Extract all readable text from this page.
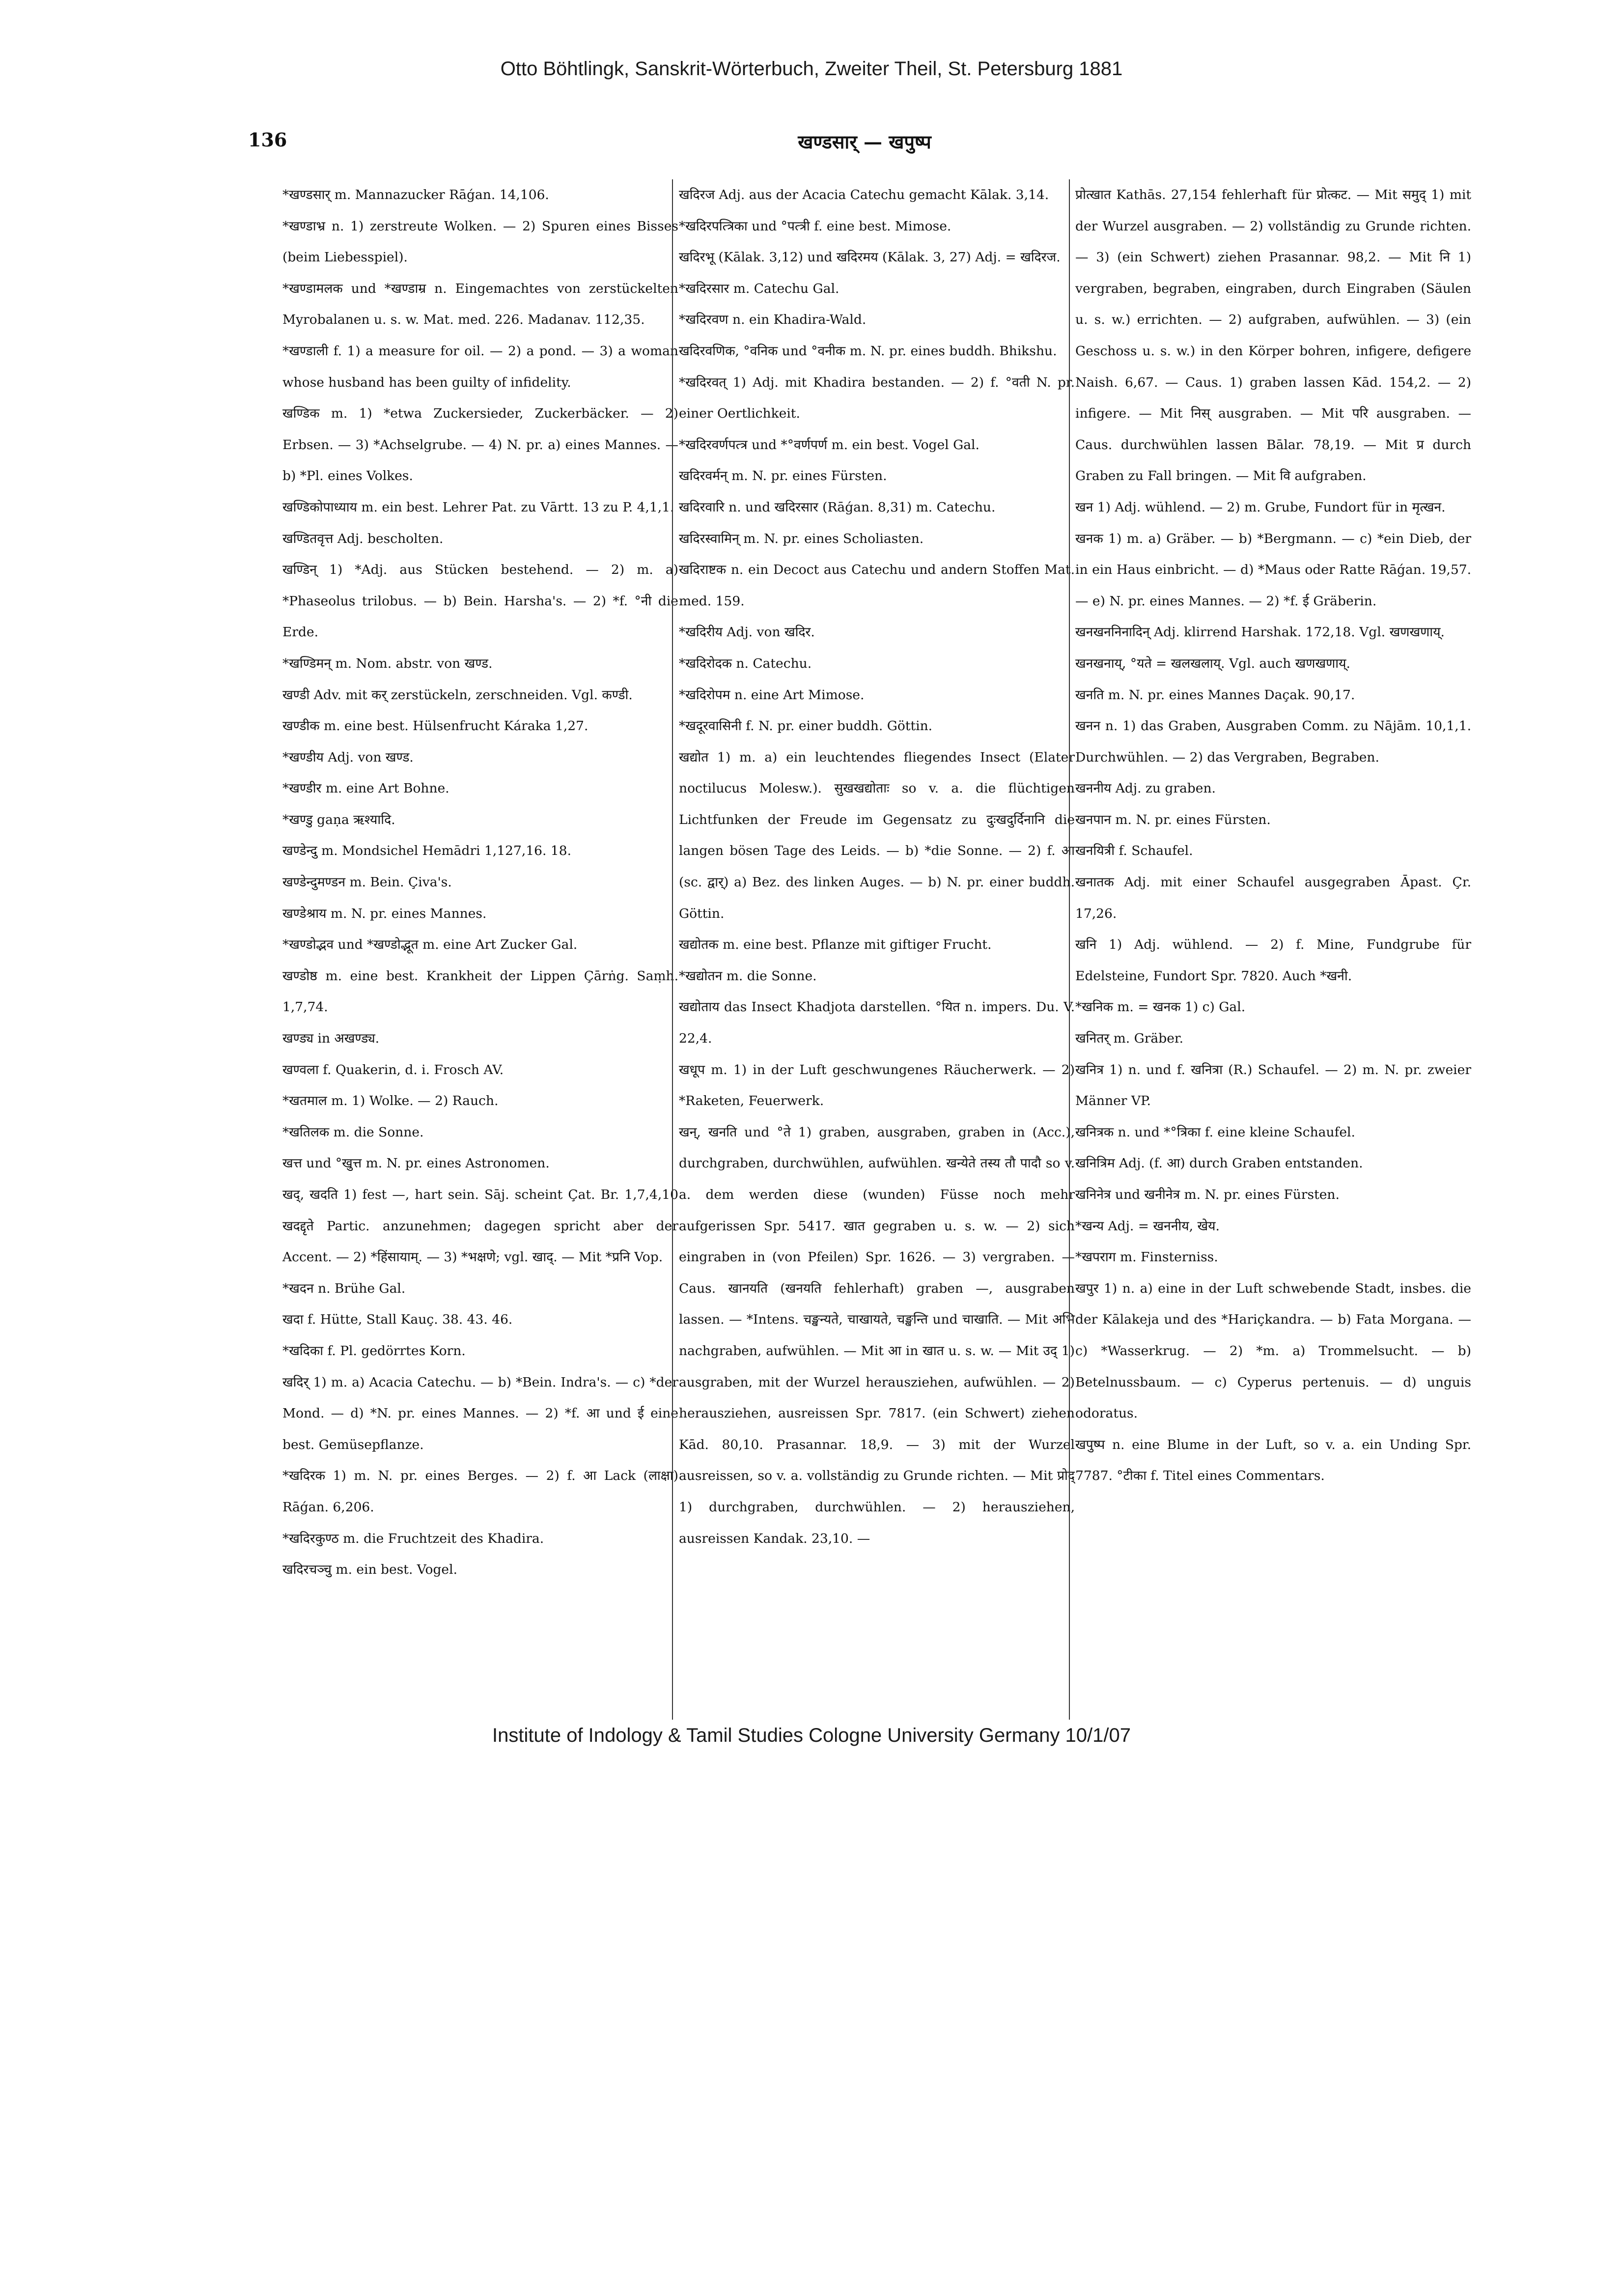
Otto Böhtlingk, Sanskrit-Wörterbuch, Zweiter Theil, St. Petersburg 1881
136	खण्डसार् — खपुष्प

*खण्डसार् m. Mannazucker Rāǵan. 14,106.

*खण्डाभ्र n. 1) zerstreute Wolken. — 2) Spuren eines Bisses (beim Liebesspiel).

*खण्डामलक und *खण्डाम्र n. Eingemachtes von zerstückelten Myrobalanen u. s. w. Mat. med. 226. Madanav. 112,35.

*खण्डाली f. 1) a measure for oil. — 2) a pond. — 3) a woman whose husband has been guilty of infidelity.

खण्डिक m. 1) *etwa Zuckersieder, Zuckerbäcker. — 2) Erbsen. — 3) *Achselgrube. — 4) N. pr. a) eines Mannes. — b) *Pl. eines Volkes.

खण्डिकोपाध्याय m. ein best. Lehrer Pat. zu Vārtt. 13 zu P. 4,1,1.

खण्डितवृत्त Adj. bescholten.

खण्डिन् 1) *Adj. aus Stücken bestehend. — 2) m. a) *Phaseolus trilobus. — b) Bein. Harsha's. — 2) *f. °नी die Erde.

*खण्डिमन् m. Nom. abstr. von खण्ड.

खण्डी Adv. mit कर् zerstückeln, zerschneiden. Vgl. कण्डी.

खण्डीक m. eine best. Hülsenfrucht Káraka 1,27.

*खण्डीय Adj. von खण्ड.

*खण्डीर m. eine Art Bohne.

*खण्डु gaṇa ऋश्यादि.

खण्डेन्दु m. Mondsichel Hemādri 1,127,16. 18.

खण्डेन्दुमण्डन m. Bein. Çiva's.

खण्डेश्राय m. N. pr. eines Mannes.

*खण्डोद्भव und *खण्डोद्भूत m. eine Art Zucker Gal.

खण्डोष्ठ m. eine best. Krankheit der Lippen Çārṅg. Saṃh. 1,7,74.

खण्ड्य in अखण्ड्य.

खण्वला f. Quakerin, d. i. Frosch AV.

*खतमाल m. 1) Wolke. — 2) Rauch.

*खतिलक m. die Sonne.

खत्त und °खुत्त m. N. pr. eines Astronomen.

खद्, खदति 1) fest —, hart sein. Sāj. scheint Çat. Br. 1,7,4,10 खदद्दृते Partic. anzunehmen; dagegen spricht aber der Accent. — 2) *हिंसायाम्. — 3) *भक्षणे; vgl. खाद्. — Mit *प्रनि Vop.

*खदन n. Brühe Gal.

खदा f. Hütte, Stall Kauç. 38. 43. 46.

*खदिका f. Pl. gedörrtes Korn.

खदिर् 1) m. a) Acacia Catechu. — b) *Bein. Indra's. — c) *der Mond. — d) *N. pr. eines Mannes. — 2) *f. आ und ई eine best. Gemüsepflanze.

*खदिरक 1) m. N. pr. eines Berges. — 2) f. आ Lack (लाक्षा) Rāǵan. 6,206.

*खदिरकुण्ठ m. die Fruchtzeit des Khadira.

खदिरचञ्चु m. ein best. Vogel.

खदिरज Adj. aus der Acacia Catechu gemacht Kālak. 3,14.

*खदिरपत्त्रिका und °पत्त्री f. eine best. Mimose.

खदिरभू (Kālak. 3,12) und खदिरमय (Kālak. 3, 27) Adj. = खदिरज.

*खदिरसार m. Catechu Gal.

*खदिरवण n. ein Khadira-Wald.

खदिरवणिक, °वनिक und °वनीक m. N. pr. eines buddh. Bhikshu.

*खदिरवत् 1) Adj. mit Khadira bestanden. — 2) f. °वती N. pr. einer Oertlichkeit.

*खदिरवर्णपत्त्र und *°वर्णपर्ण m. ein best. Vogel Gal.

खदिरवर्मन् m. N. pr. eines Fürsten.

खदिरवारि n. und खदिरसार (Rāǵan. 8,31) m. Catechu.

खदिरस्वामिन् m. N. pr. eines Scholiasten.

खदिराष्टक n. ein Decoct aus Catechu und andern Stoffen Mat. med. 159.

*खदिरीय Adj. von खदिर.

*खदिरोदक n. Catechu.

*खदिरोपम n. eine Art Mimose.

*खदूरवासिनी f. N. pr. einer buddh. Göttin.

खद्योत 1) m. a) ein leuchtendes fliegendes Insect (Elater noctilucus Molesw.). सुखखद्योताः so v. a. die flüchtigen Lichtfunken der Freude im Gegensatz zu दुःखदुर्दिनानि die langen bösen Tage des Leids. — b) *die Sonne. — 2) f. आ (sc. द्वार्) a) Bez. des linken Auges. — b) N. pr. einer buddh. Göttin.

खद्योतक m. eine best. Pflanze mit giftiger Frucht.

*खद्योतन m. die Sonne.

खद्योताय das Insect Khadjota darstellen. °यित n. impers. Du. V. 22,4.

खधूप m. 1) in der Luft geschwungenes Räucherwerk. — 2) *Raketen, Feuerwerk.

खन्, खनति und °ते 1) graben, ausgraben, graben in (Acc.), durchgraben, durchwühlen, aufwühlen. खन्येते तस्य तौ पादौ so v. a. dem werden diese (wunden) Füsse noch mehr aufgerissen Spr. 5417. खात gegraben u. s. w. — 2) sich eingraben in (von Pfeilen) Spr. 1626. — 3) vergraben. — Caus. खानयति (खनयति fehlerhaft) graben —, ausgraben lassen. — *Intens. चङ्खन्यते, चाखायते, चङ्खन्ति und चाखाति. — Mit अभि nachgraben, aufwühlen. — Mit आ in खात u. s. w. — Mit उद् 1) ausgraben, mit der Wurzel herausziehen, aufwühlen. — 2) herausziehen, ausreissen Spr. 7817. (ein Schwert) ziehen Kād. 80,10. Prasannar. 18,9. — 3) mit der Wurzel ausreissen, so v. a. vollständig zu Grunde richten. — Mit प्रोद् 1) durchgraben, durchwühlen. — 2) herausziehen, ausreissen Kandak. 23,10. —

प्रोत्खात Kathās. 27,154 fehlerhaft für प्रोत्कट. — Mit समुद् 1) mit der Wurzel ausgraben. — 2) vollständig zu Grunde richten. — 3) (ein Schwert) ziehen Prasannar. 98,2. — Mit नि 1) vergraben, begraben, eingraben, durch Eingraben (Säulen u. s. w.) errichten. — 2) aufgraben, aufwühlen. — 3) (ein Geschoss u. s. w.) in den Körper bohren, infigere, defigere Naish. 6,67. — Caus. 1) graben lassen Kād. 154,2. — 2) infigere. — Mit निस् ausgraben. — Mit परि ausgraben. — Caus. durchwühlen lassen Bālar. 78,19. — Mit प्र durch Graben zu Fall bringen. — Mit वि aufgraben.

खन 1) Adj. wühlend. — 2) m. Grube, Fundort für in मृत्खन.

खनक 1) m. a) Gräber. — b) *Bergmann. — c) *ein Dieb, der in ein Haus einbricht. — d) *Maus oder Ratte Rāǵan. 19,57. — e) N. pr. eines Mannes. — 2) *f. ई Gräberin.

खनखननिनादिन् Adj. klirrend Harshak. 172,18. Vgl. खणखणाय्.

खनखनाय्, °यते = खलखलाय्. Vgl. auch खणखणाय्.

खनति m. N. pr. eines Mannes Daçak. 90,17.

खनन n. 1) das Graben, Ausgraben Comm. zu Nājām. 10,1,1. Durchwühlen. — 2) das Vergraben, Begraben.

खननीय Adj. zu graben.

खनपान m. N. pr. eines Fürsten.

खनयित्री f. Schaufel.

खनातक Adj. mit einer Schaufel ausgegraben Āpast. Çr. 17,26.

खनि 1) Adj. wühlend. — 2) f. Mine, Fundgrube für Edelsteine, Fundort Spr. 7820. Auch *खनी.

*खनिक m. = खनक 1) c) Gal.

खनितर् m. Gräber.

खनित्र 1) n. und f. खनित्रा (R.) Schaufel. — 2) m. N. pr. zweier Männer VP.

खनित्रक n. und *°त्रिका f. eine kleine Schaufel.

खनित्रिम Adj. (f. आ) durch Graben entstanden.

खनिनेत्र und खनीनेत्र m. N. pr. eines Fürsten.

*खन्य Adj. = खननीय, खेय.

*खपराग m. Finsterniss.

खपुर 1) n. a) eine in der Luft schwebende Stadt, insbes. die der Kālakeja und des *Hariçkandra. — b) Fata Morgana. — c) *Wasserkrug. — 2) *m. a) Trommelsucht. — b) Betelnussbaum. — c) Cyperus pertenuis. — d) unguis odoratus.

खपुष्प n. eine Blume in der Luft, so v. a. ein Unding Spr. 7787. °टीका f. Titel eines Commentars.

Institute of Indology & Tamil Studies Cologne University Germany 10/1/07
